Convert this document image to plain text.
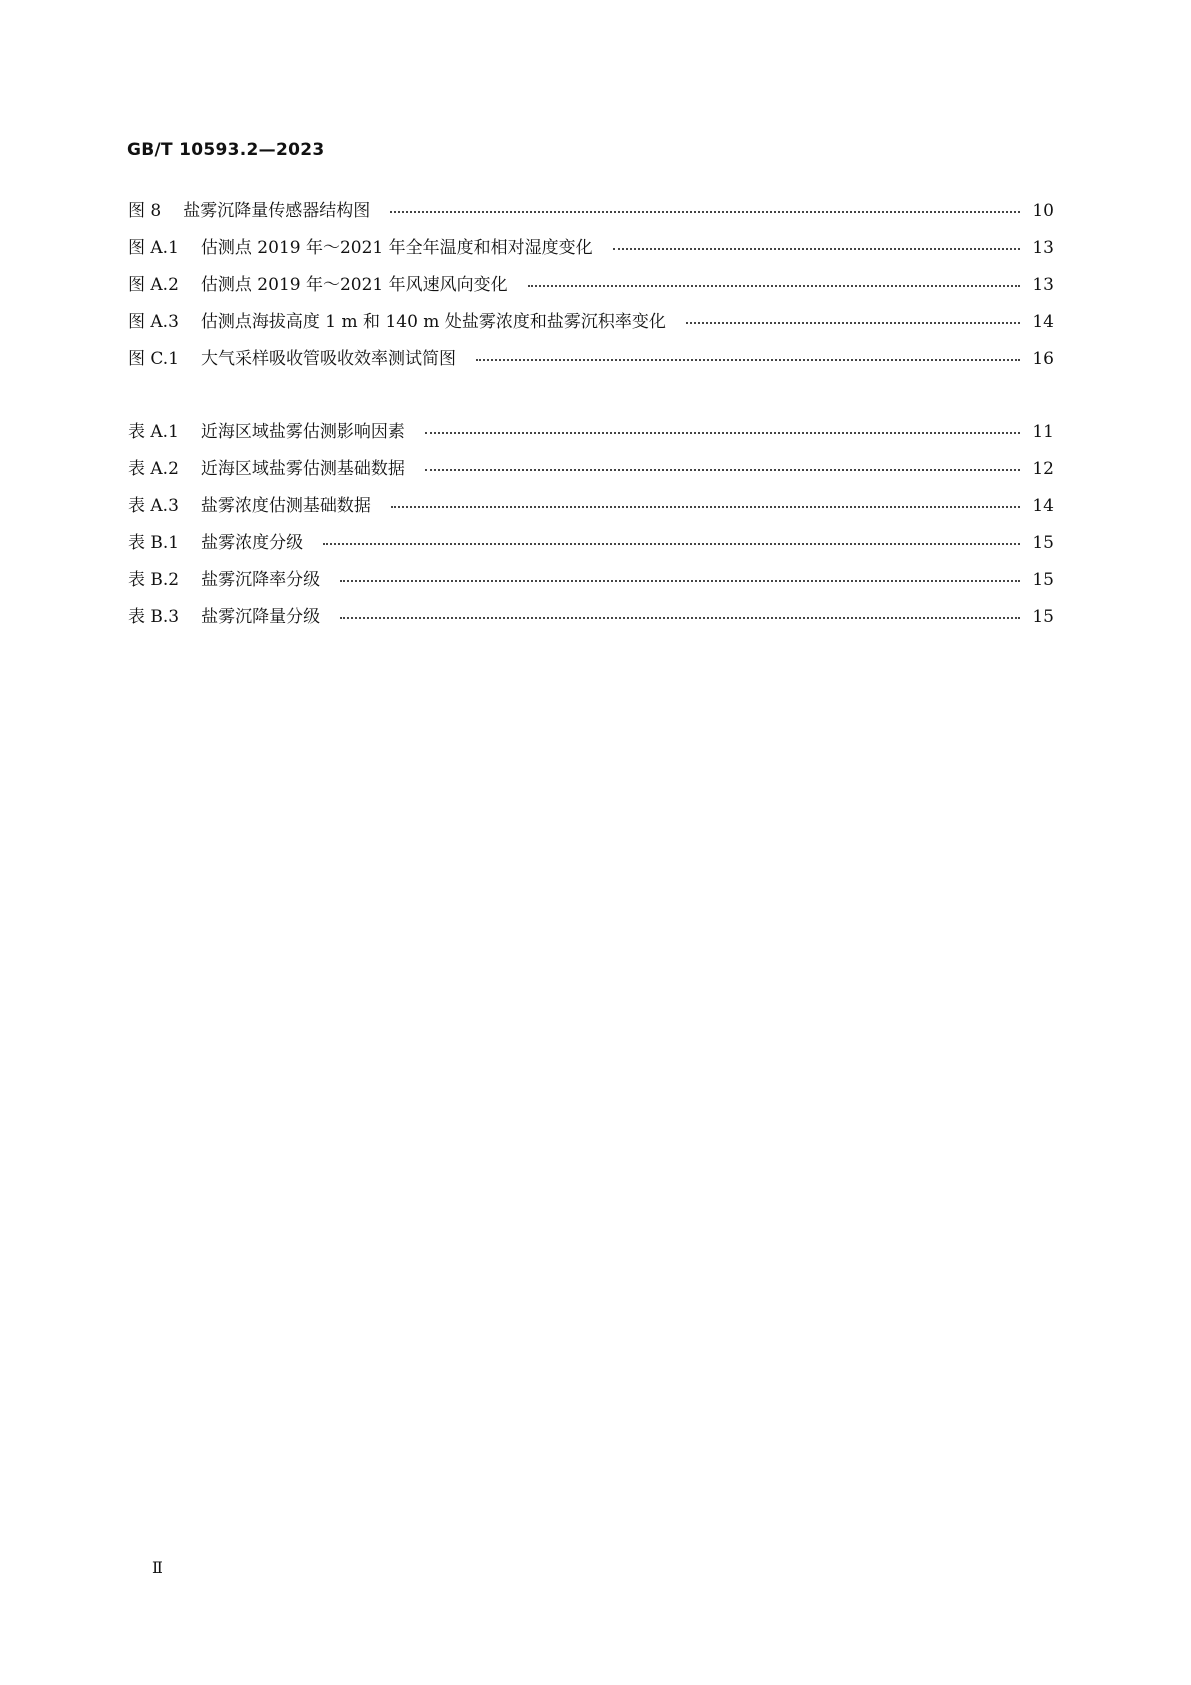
GB/T 10593.2—2023
图 8	盐雾沉降量传感器结构图	10
图 A.1	估测点 2019 年～2021 年全年温度和相对湿度变化	13
图 A.2	估测点 2019 年～2021 年风速风向变化	13
图 A.3	估测点海拔高度 1 m 和 140 m 处盐雾浓度和盐雾沉积率变化	14
图 C.1	大气采样吸收管吸收效率测试简图	16
表 A.1	近海区域盐雾估测影响因素	11
表 A.2	近海区域盐雾估测基础数据	12
表 A.3	盐雾浓度估测基础数据	14
表 B.1	盐雾浓度分级	15
表 B.2	盐雾沉降率分级	15
表 B.3	盐雾沉降量分级	15
Ⅱ
